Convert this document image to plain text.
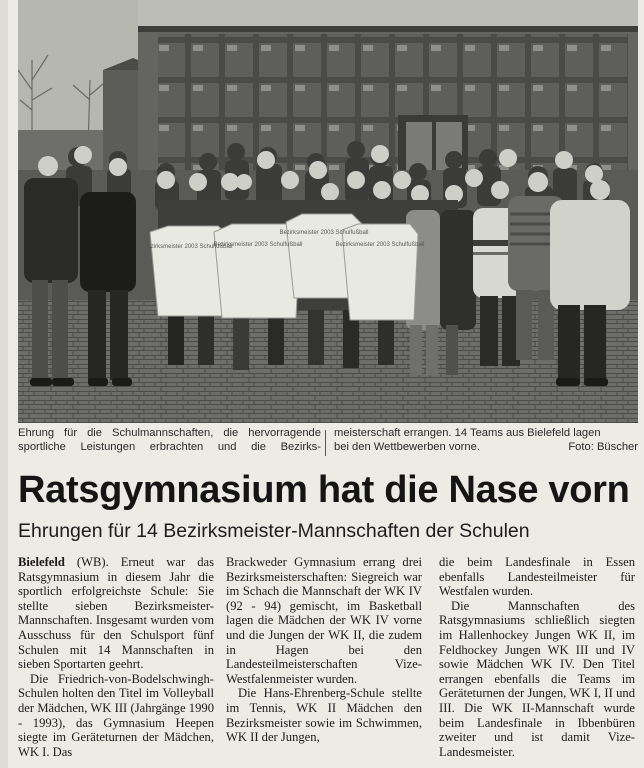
Bezirksmeister 2003 Schulfußball
Bezirksmeister 2003 Schulfußball
Bezirksmeister 2003 Schulfußball
Bezirksmeister 2003 Schulfußball
Ehrung für die Schulmannschaften, die hervorragende
sportliche Leistungen erbrachten und die Bezirks-
meisterschaft errangen. 14 Teams aus Bielefeld lagen
bei den Wettbewerben vorne.	Foto: Büscher
Ratsgymnasium hat die Nase vorn
Ehrungen für 14 Bezirksmeister-Mannschaften der Schulen

Bielefeld (WB). Erneut war das Ratsgymnasium in diesem Jahr die sportlich erfolgreichste Schule: Sie stellte sieben Bezirksmeister-Mannschaften. Insgesamt wurden vom Ausschuss für den Schulsport fünf Schulen mit 14 Mannschaften in sieben Sportarten geehrt.

Die Friedrich-von-Bodelschwingh-Schulen holten den Titel im Volleyball der Mädchen, WK III (Jahrgänge 1990 - 1993), das Gymnasium Heepen siegte im Geräteturnen der Mädchen, WK I. Das

Brackweder Gymnasium errang drei Bezirksmeisterschaften: Siegreich war im Schach die Mannschaft der WK IV (92 - 94) gemischt, im Basketball lagen die Mädchen der WK IV vorne und die Jungen der WK II, die zudem in Hagen bei den Landesteilmeisterschaften Vize-Westfalenmeister wurden.

Die Hans-Ehrenberg-Schule stellte im Tennis, WK II Mädchen den Bezirksmeister sowie im Schwimmen, WK II der Jungen,

die beim Landesfinale in Essen ebenfalls Landesteilmeister für Westfalen wurden.

Die Mannschaften des Ratsgymnasiums schließlich siegten im Hallenhockey Jungen WK II, im Feldhockey Jungen WK III und IV sowie Mädchen WK IV. Den Titel errangen ebenfalls die Teams im Geräteturnen der Jungen, WK I, II und III. Die WK II-Mannschaft wurde beim Landesfinale in Ibbenbüren zweiter und ist damit Vize-Landesmeister.
